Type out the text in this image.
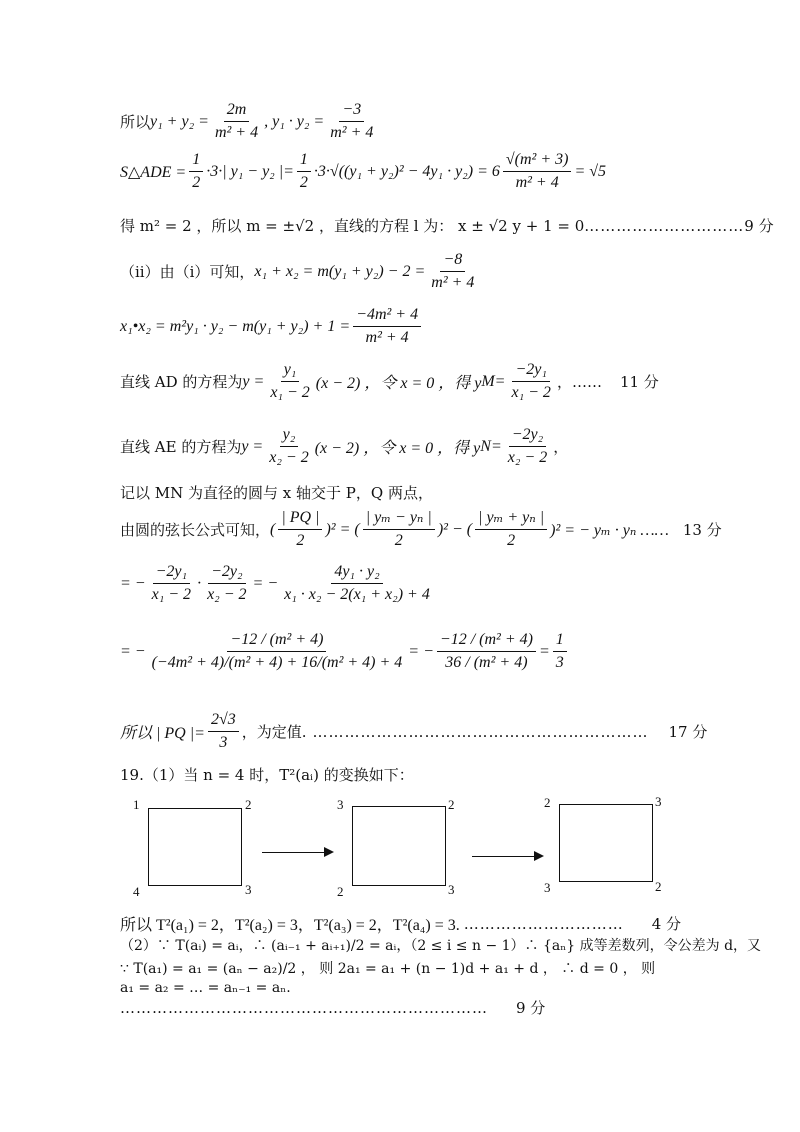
所以 $y_1 + y_2 = \frac{2m}{\text{m² + 4}}$ , $y_1 \cdot y_2 = \frac{-3}{\text{m² + 4}}$
S△ADE = $\frac{1}{2} \cdot 3\cdot|$ y₁ − y₂ |= $\frac{1}{2} \cdot 3\cdot√((y_1 + y_2)^2 - 4y_1 \cdot y_2) = 6 \frac{\text{√(m² + 3)}}{\text{m² + 4}} = √5$
得 m² = 2 ，所以 m = ±√2 ，直线的方程 l 为： x ± √2 y + 1 = 0 ………………………… 9 分
（ii）由（i）可知， $x_1 + x_2 = m(y_1 + y_2) - 2 = \frac{-8}{\text{m² + 4}}$
x₁•x₂ = $m^2y_1 \cdot y_2 - m(y_1 + y_2) + 1 = \frac{\text{−4m² + 4}}{\text{m² + 4}}$
直线 AD 的方程为 $y = \frac{\text{y₁}}{\text{x₁ − 2}} (x - 2)$ ，令 x = 0 ，得 y $M = \frac{\text{−2y₁}}{\text{x₁ − 2}}$ ，…… 11 分
直线 AE 的方程为 $y = \frac{\text{y₂}}{\text{x₂ − 2}} (x - 2)$ ，令 x = 0 ，得 y $N = \frac{\text{−2y₂}}{\text{x₂ − 2}}$ ，
记以 MN 为直径的圆与 x 轴交于 P，Q 两点，
由圆的弦长公式可知， ( $\frac{| PQ |}{2} )^2$ = ( $\frac{\text{| yₘ − yₙ |}}{2} )^2$ − ( $\frac{\text{| yₘ + yₙ |}}{2} )^2$ = − yₘ · yₙ …… 13 分
= − $\frac{\text{−2y₁}}{\text{x₁ − 2}} \cdot \frac{\text{−2y₂}}{\text{x₂ − 2}}$ = − $\frac{\text{4y₁ · y₂}}{\text{x₁ · x₂ − 2(x₁ + x₂) + 4}}$
= − $\frac{\text{−12 / (m² + 4)}}{\text{(−4m² + 4)/(m² + 4) + 16/(m² + 4) + 4}}$ = − $\frac{\text{−12 / (m² + 4)}}{\text{36 / (m² + 4)}} = \frac{1}{3}$
所以 | PQ |= $\frac{2√3}{3}$ ，为定值. ……………………………………………………… 17 分
19.（1）当 n = 4 时，T²(aᵢ) 的变换如下：
1	2
4	3
3	2
2	3
2	3
3	2
所以 T²(a₁) = 2，T²(a₂) = 3，T²(a₃) = 2，T²(a₄) = 3. ………………………… 4 分
（2）∵ T(aᵢ) = aᵢ，∴ (aᵢ₋₁ + aᵢ₊₁)/2 = aᵢ，（2 ≤ i ≤ n − 1）∴ {aₙ} 成等差数列，令公差为 d，又
∵ T(a₁) = a₁ = (aₙ − a₂)/2 ， 则 2a₁ = a₁ + (n − 1)d + a₁ + d ， ∴ d = 0 ， 则
a₁ = a₂ = … = aₙ₋₁ = aₙ.
…………………………………………………………… 9 分
